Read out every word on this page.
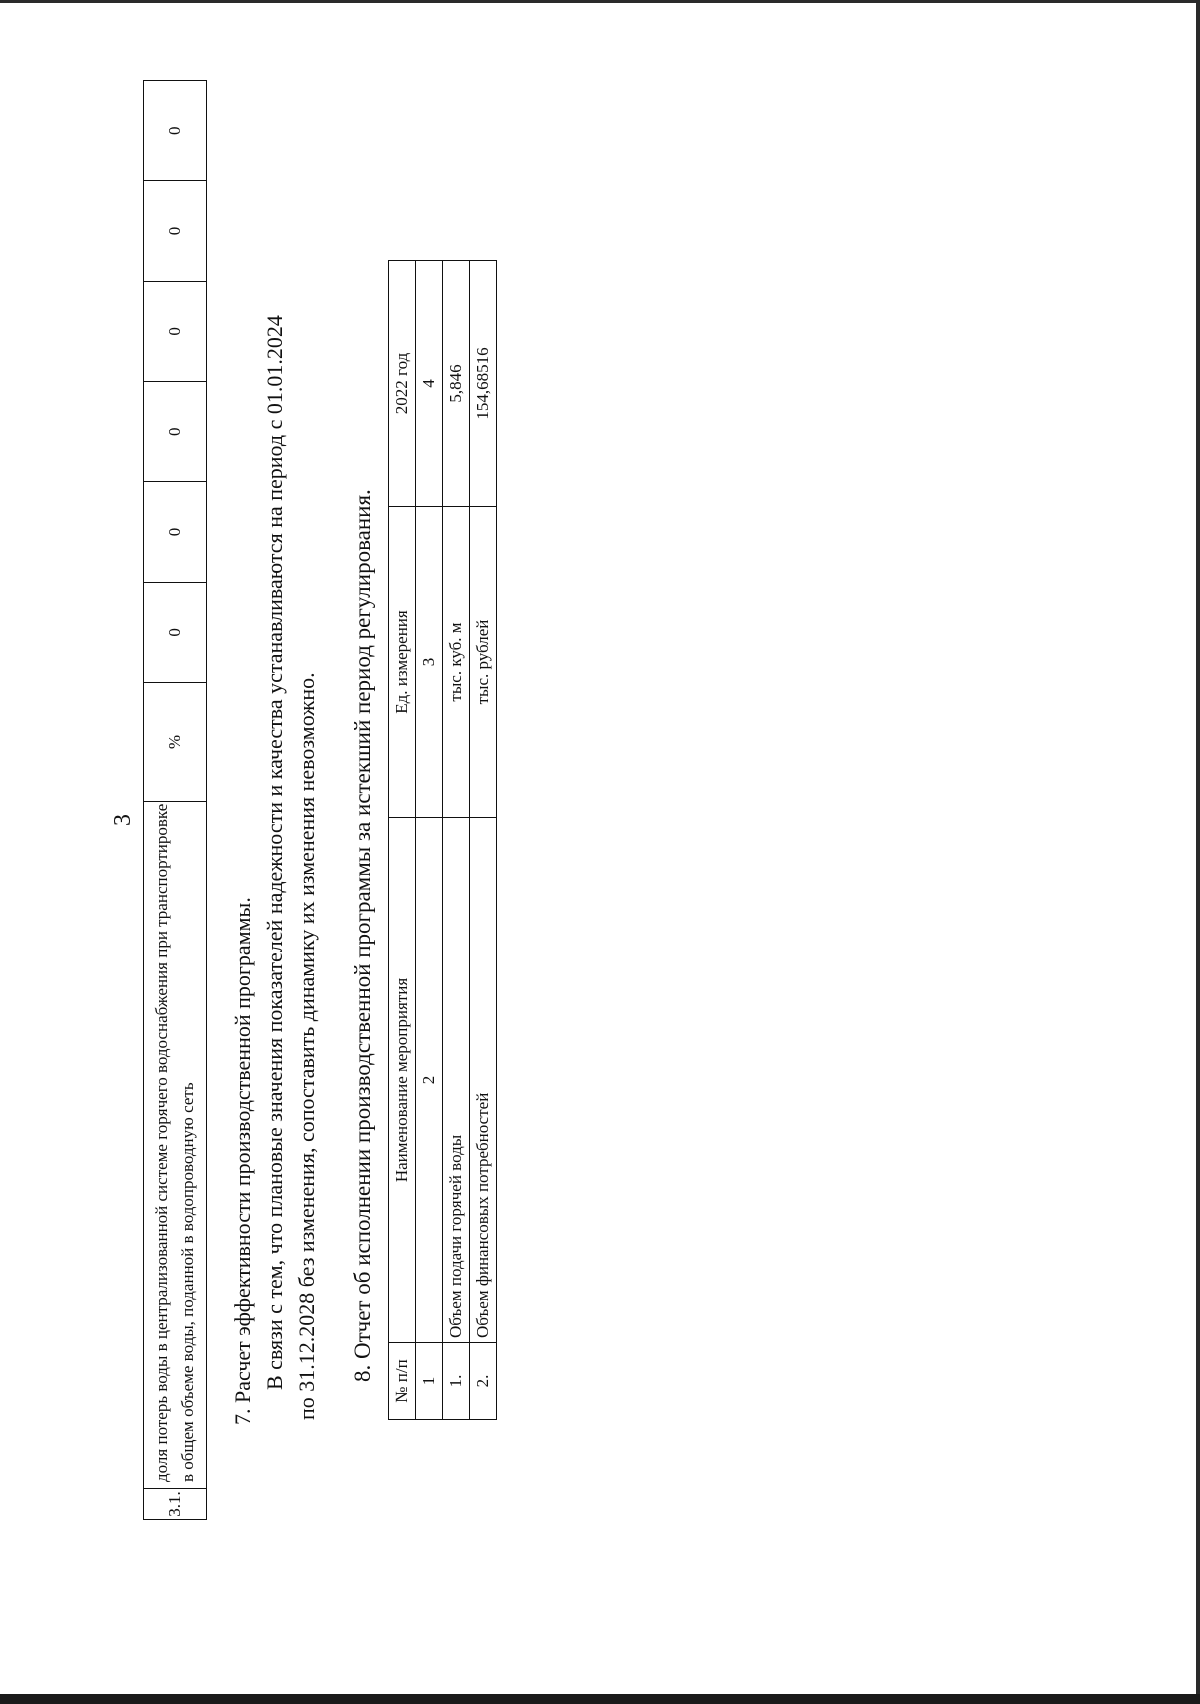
3
3.1.	доля потерь воды в централизованной системе горячего водоснабжения при транспортировке в общем объеме воды, поданной в водопроводную сеть	%	0	0	0	0	0	0
7. Расчет эффективности производственной программы. В связи с тем, что плановые значения показателей надежности и качества устанавливаются на период с 01.01.2024 по 31.12.2028 без изменения, сопоставить динамику их изменения невозможно. 8. Отчет об исполнении производственной программы за истекший период регулирования. № п/п	Наименование мероприятия	Ед. измерения	2022 год
1	2	3	4
1.	Объем подачи горячей воды	тыс. куб. м	5,846
2.	Объем финансовых потребностей	тыс. рублей	154,68516
